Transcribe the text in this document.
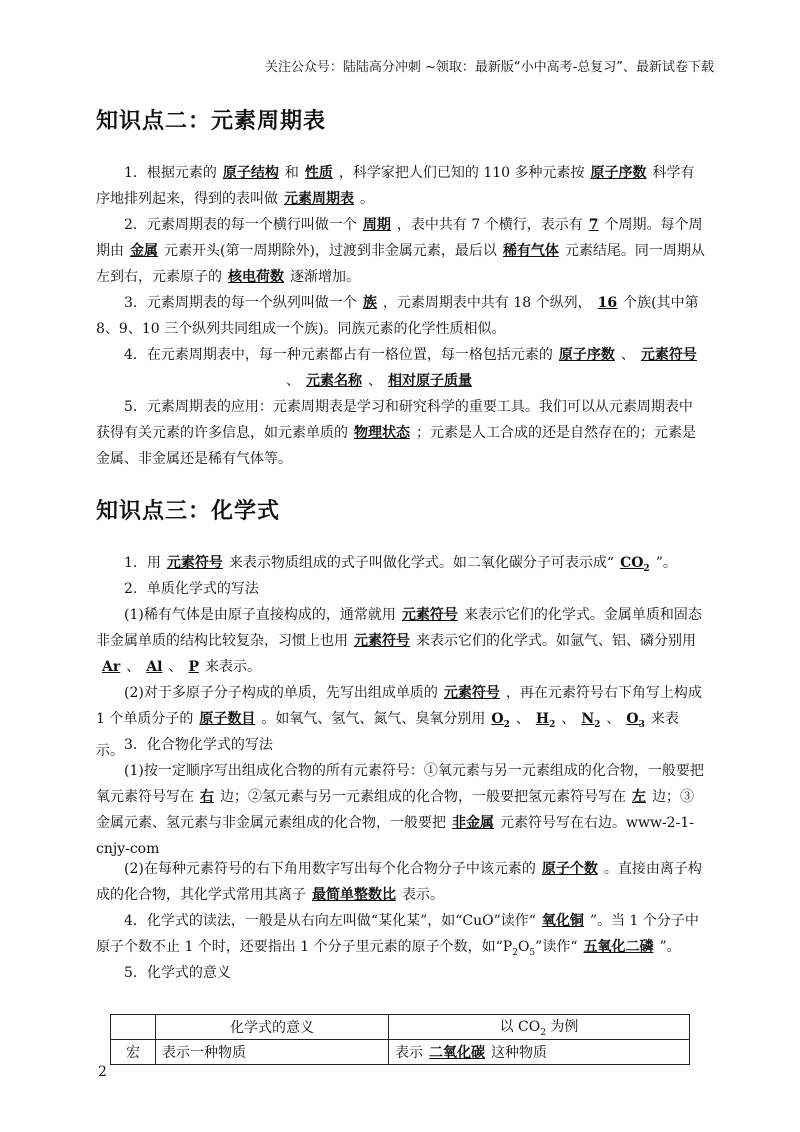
关注公众号：陆陆高分冲刺 ~领取：最新版“小中高考-总复习”、最新试卷下载
知识点二：元素周期表
1．根据元素的 原子结构 和 性质 ，科学家把人们已知的 110 多种元素按 原子序数 科学有序地排列起来，得到的表叫做 元素周期表 。
2．元素周期表的每一个横行叫做一个 周期 ，表中共有 7 个横行，表示有 7 个周期。每个周期由 金属 元素开头(第一周期除外)，过渡到非金属元素，最后以 稀有气体 元素结尾。同一周期从左到右，元素原子的 核电荷数 逐渐增加。
3．元素周期表的每一个纵列叫做一个 族 ，元素周期表中共有 18 个纵列， 16 个族(其中第 8、9、10 三个纵列共同组成一个族)。同族元素的化学性质相似。
4．在元素周期表中，每一种元素都占有一格位置，每一格包括元素的 原子序数 、 元素符号
、 元素名称 、 相对原子质量
5．元素周期表的应用：元素周期表是学习和研究科学的重要工具。我们可以从元素周期表中获得有关元素的许多信息，如元素单质的 物理状态 ；元素是人工合成的还是自然存在的；元素是金属、非金属还是稀有气体等。
知识点三：化学式
1．用 元素符号 来表示物质组成的式子叫做化学式。如二氧化碳分子可表示成“ $CO_2$ ”。
2．单质化学式的写法
(1)稀有气体是由原子直接构成的，通常就用 元素符号 来表示它们的化学式。金属单质和固态非金属单质的结构比较复杂，习惯上也用 元素符号 来表示它们的化学式。如氩气、铝、磷分别用Ar 、 Al 、 P 来表示。
(2)对于多原子分子构成的单质，先写出组成单质的 元素符号 ，再在元素符号右下角写上构成 1 个单质分子的 原子数目 。如氧气、氢气、氮气、臭氧分别用 $O_2$ 、 $H_2$ 、 $N_2$ 、 $O_3$ 来表示。 3．化合物化学式的写法
(1)按一定顺序写出组成化合物的所有元素符号：①氧元素与另一元素组成的化合物，一般要把氧元素符号写在 右 边；②氢元素与另一元素组成的化合物，一般要把氢元素符号写在 左 边；③金属元素、氢元素与非金属元素组成的化合物，一般要把 非金属 元素符号写在右边。www-2-1-cnjy-com
(2)在每种元素符号的右下角用数字写出每个化合物分子中该元素的 原子个数 。直接由离子构成的化合物，其化学式常用其离子 最简单整数比 表示。
4．化学式的读法，一般是从右向左叫做“某化某”，如“CuO”读作“ 氧化铜 ”。当 1 个分子中原子个数不止 1 个时，还要指出 1 个分子里元素的原子个数，如“$P_2O_5$”读作“ 五氧化二磷 ”。
5．化学式的意义
	化学式的意义	以 $CO_2$ 为例
宏	表示一种物质	表示 二氧化碳 这种物质
2
